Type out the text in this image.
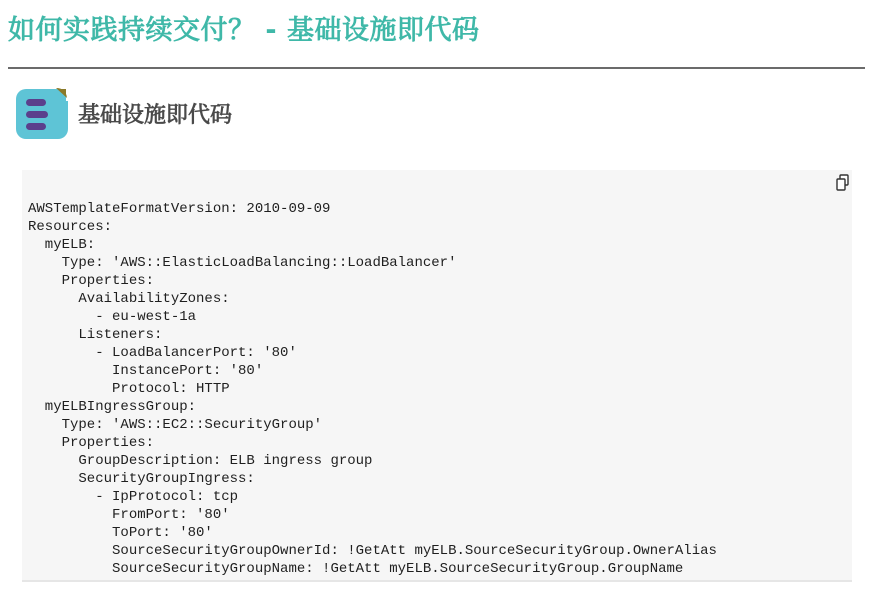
如何实践持续交付？ - 基础设施即代码
基础设施即代码
AWSTemplateFormatVersion: 2010-09-09
Resources:
myELB:
Type: 'AWS::ElasticLoadBalancing::LoadBalancer'
Properties:
AvailabilityZones:
- eu-west-1a
Listeners:
- LoadBalancerPort: '80'
InstancePort: '80'
Protocol: HTTP
myELBIngressGroup:
Type: 'AWS::EC2::SecurityGroup'
Properties:
GroupDescription: ELB ingress group
SecurityGroupIngress:
- IpProtocol: tcp
FromPort: '80'
ToPort: '80'
SourceSecurityGroupOwnerId: !GetAtt myELB.SourceSecurityGroup.OwnerAlias
SourceSecurityGroupName: !GetAtt myELB.SourceSecurityGroup.GroupName
